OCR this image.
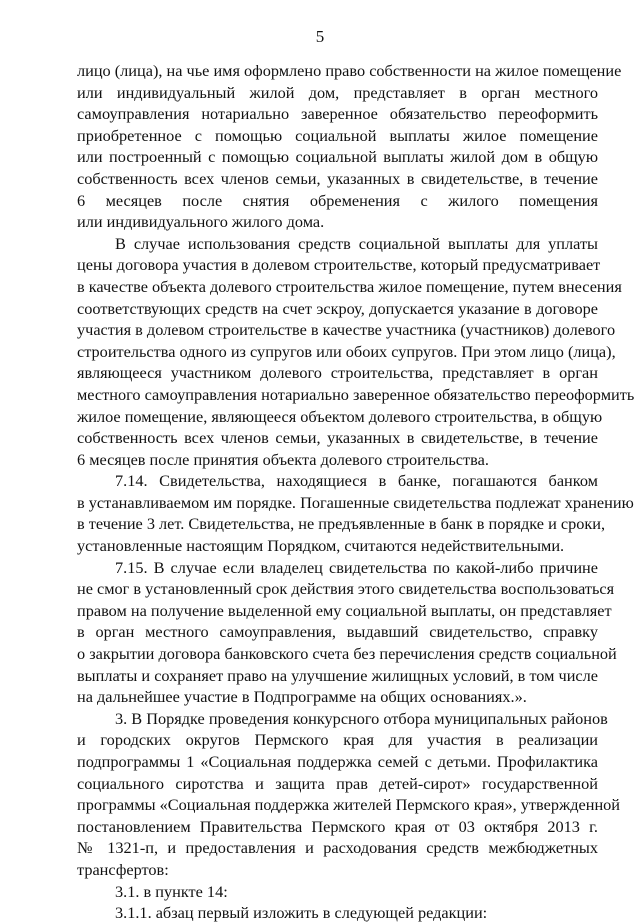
5

лицо (лица), на чье имя оформлено право собственности на жилое помещение
или индивидуальный жилой дом, представляет в орган местного
самоуправления нотариально заверенное обязательство переоформить
приобретенное с помощью социальной выплаты жилое помещение
или построенный с помощью социальной выплаты жилой дом в общую
собственность всех членов семьи, указанных в свидетельстве, в течение
6 месяцев после снятия обременения с жилого помещения
или индивидуального жилого дома.

В случае использования средств социальной выплаты для уплаты
цены договора участия в долевом строительстве, который предусматривает
в качестве объекта долевого строительства жилое помещение, путем внесения
соответствующих средств на счет эскроу, допускается указание в договоре
участия в долевом строительстве в качестве участника (участников) долевого
строительства одного из супругов или обоих супругов. При этом лицо (лица),
являющееся участником долевого строительства, представляет в орган
местного самоуправления нотариально заверенное обязательство переоформить
жилое помещение, являющееся объектом долевого строительства, в общую
собственность всех членов семьи, указанных в свидетельстве, в течение
6 месяцев после принятия объекта долевого строительства.

7.14. Свидетельства, находящиеся в банке, погашаются банком
в устанавливаемом им порядке. Погашенные свидетельства подлежат хранению
в течение 3 лет. Свидетельства, не предъявленные в банк в порядке и сроки,
установленные настоящим Порядком, считаются недействительными.

7.15. В случае если владелец свидетельства по какой-либо причине
не смог в установленный срок действия этого свидетельства воспользоваться
правом на получение выделенной ему социальной выплаты, он представляет
в орган местного самоуправления, выдавший свидетельство, справку
о закрытии договора банковского счета без перечисления средств социальной
выплаты и сохраняет право на улучшение жилищных условий, в том числе
на дальнейшее участие в Подпрограмме на общих основаниях.».

3. В Порядке проведения конкурсного отбора муниципальных районов
и городских округов Пермского края для участия в реализации
подпрограммы 1 «Социальная поддержка семей с детьми. Профилактика
социального сиротства и защита прав детей-сирот» государственной
программы «Социальная поддержка жителей Пермского края», утвержденной
постановлением Правительства Пермского края от 03 октября 2013 г.
№ 1321-п, и предоставления и расходования средств межбюджетных
трансфертов:

3.1. в пункте 14:

3.1.1. абзац первый изложить в следующей редакции:
